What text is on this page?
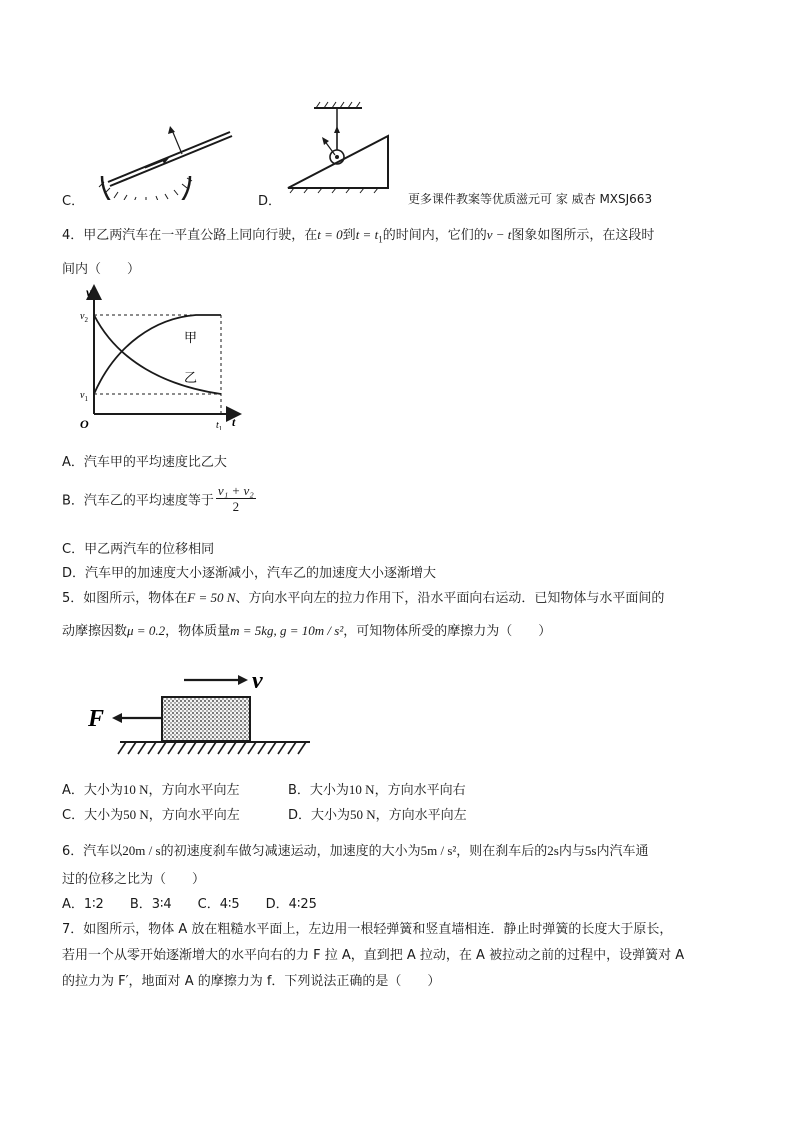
C．	D．	更多课件教案等优质滋元可 家 威杏 MXSJ663
4．甲乙两汽车在一平直公路上同向行驶，在t = 0到$t = t_1$的时间内，它们的v − t图象如图所示，在这段时
间内（　　）
v
$v_2$
$v_1$
O	$t_1$ t
甲
乙
A．汽车甲的平均速度比乙大
B．汽车乙的平均速度等于 $\frac{\text{v₁ + v₂}}{2}$
C．甲乙两汽车的位移相同
D．汽车甲的加速度大小逐渐减小，汽车乙的加速度大小逐渐增大
5．如图所示，物体在F = 50 N、方向水平向左的拉力作用下，沿水平面向右运动．已知物体与水平面间的
动摩擦因数μ = 0.2，物体质量m = 5kg, g = 10m / s²，可知物体所受的摩擦力为（　　）
v
F
A．大小为10 N，方向水平向左	B．大小为10 N，方向水平向右
C．大小为50 N，方向水平向左	D．大小为50 N，方向水平向左
6．汽车以20m / s的初速度刹车做匀减速运动，加速度的大小为5m / s²，则在刹车后的2s内与5s内汽车通
过的位移之比为（　　）
A．1∶2　　B．3∶4　　C．4∶5　　D．4∶25
7．如图所示，物体 A 放在粗糙水平面上，左边用一根轻弹簧和竖直墙相连．静止时弹簧的长度大于原长，
若用一个从零开始逐渐增大的水平向右的力 F 拉 A，直到把 A 拉动，在 A 被拉动之前的过程中，设弹簧对 A
的拉力为 F′，地面对 A 的摩擦力为 f．下列说法正确的是（　　）
